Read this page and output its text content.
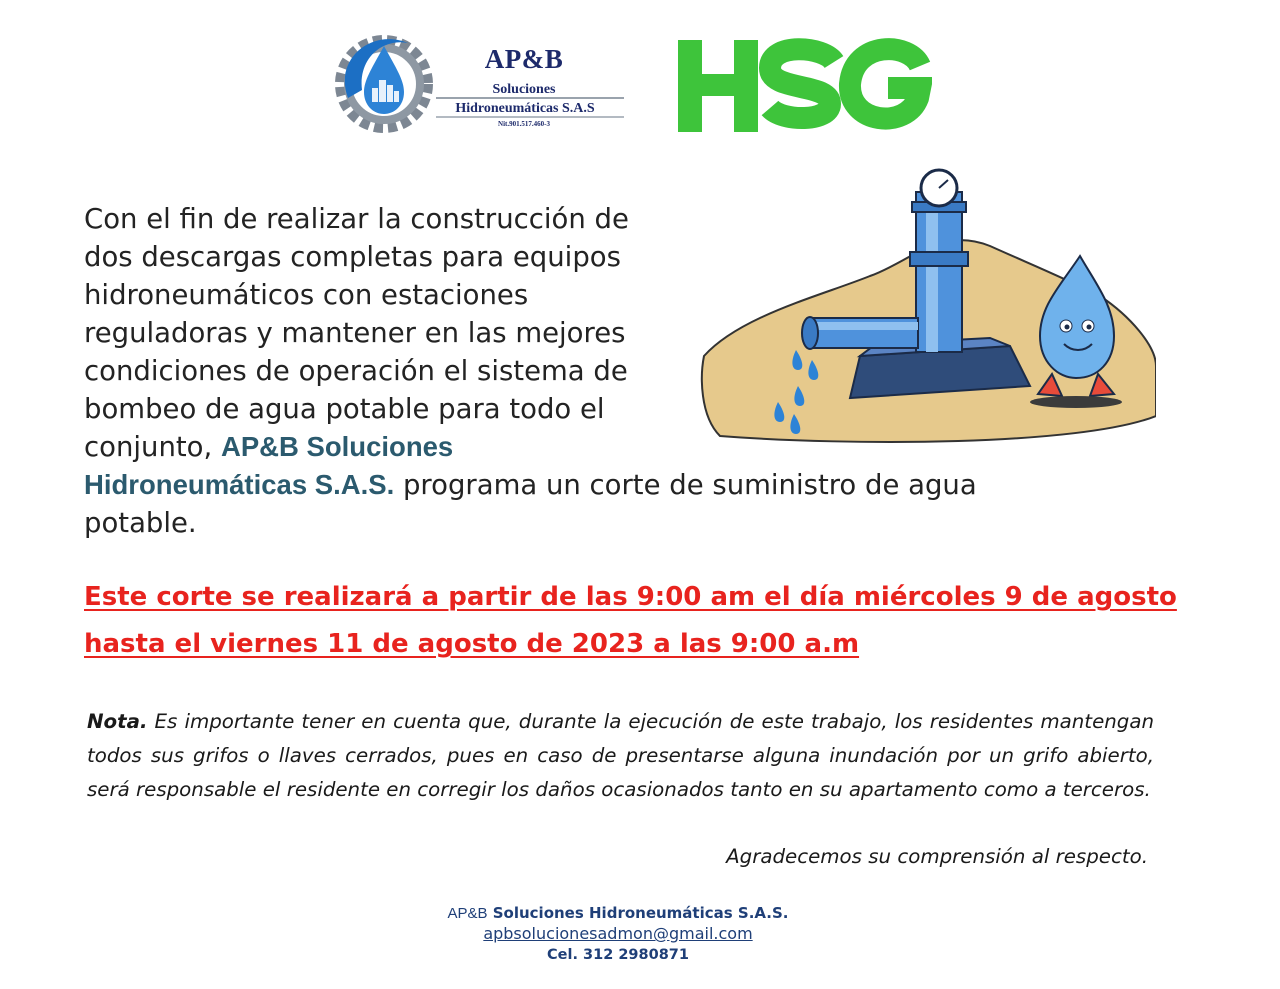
AP&B
Soluciones
Hidroneumáticas S.A.S
Nit.901.517.460-3
Con el fin de realizar la construcción de dos descargas completas para equipos hidroneumáticos con estaciones reguladoras y mantener en las mejores condiciones de operación el sistema de bombeo de agua potable para todo el conjunto, AP&B Soluciones
Hidroneumáticas S.A.S. programa un corte de suministro de agua potable.
Este corte se realizará a partir de las 9:00 am el día miércoles 9 de agosto hasta el viernes 11 de agosto de 2023 a las 9:00 a.m
Nota. Es importante tener en cuenta que, durante la ejecución de este trabajo, los residentes mantengan todos sus grifos o llaves cerrados, pues en caso de presentarse alguna inundación por un grifo abierto, será responsable el residente en corregir los daños ocasionados tanto en su apartamento como a terceros.
Agradecemos su comprensión al respecto.
AP&B Soluciones Hidroneumáticas S.A.S.
apbsolucionesadmon@gmail.com
Cel. 312 2980871
